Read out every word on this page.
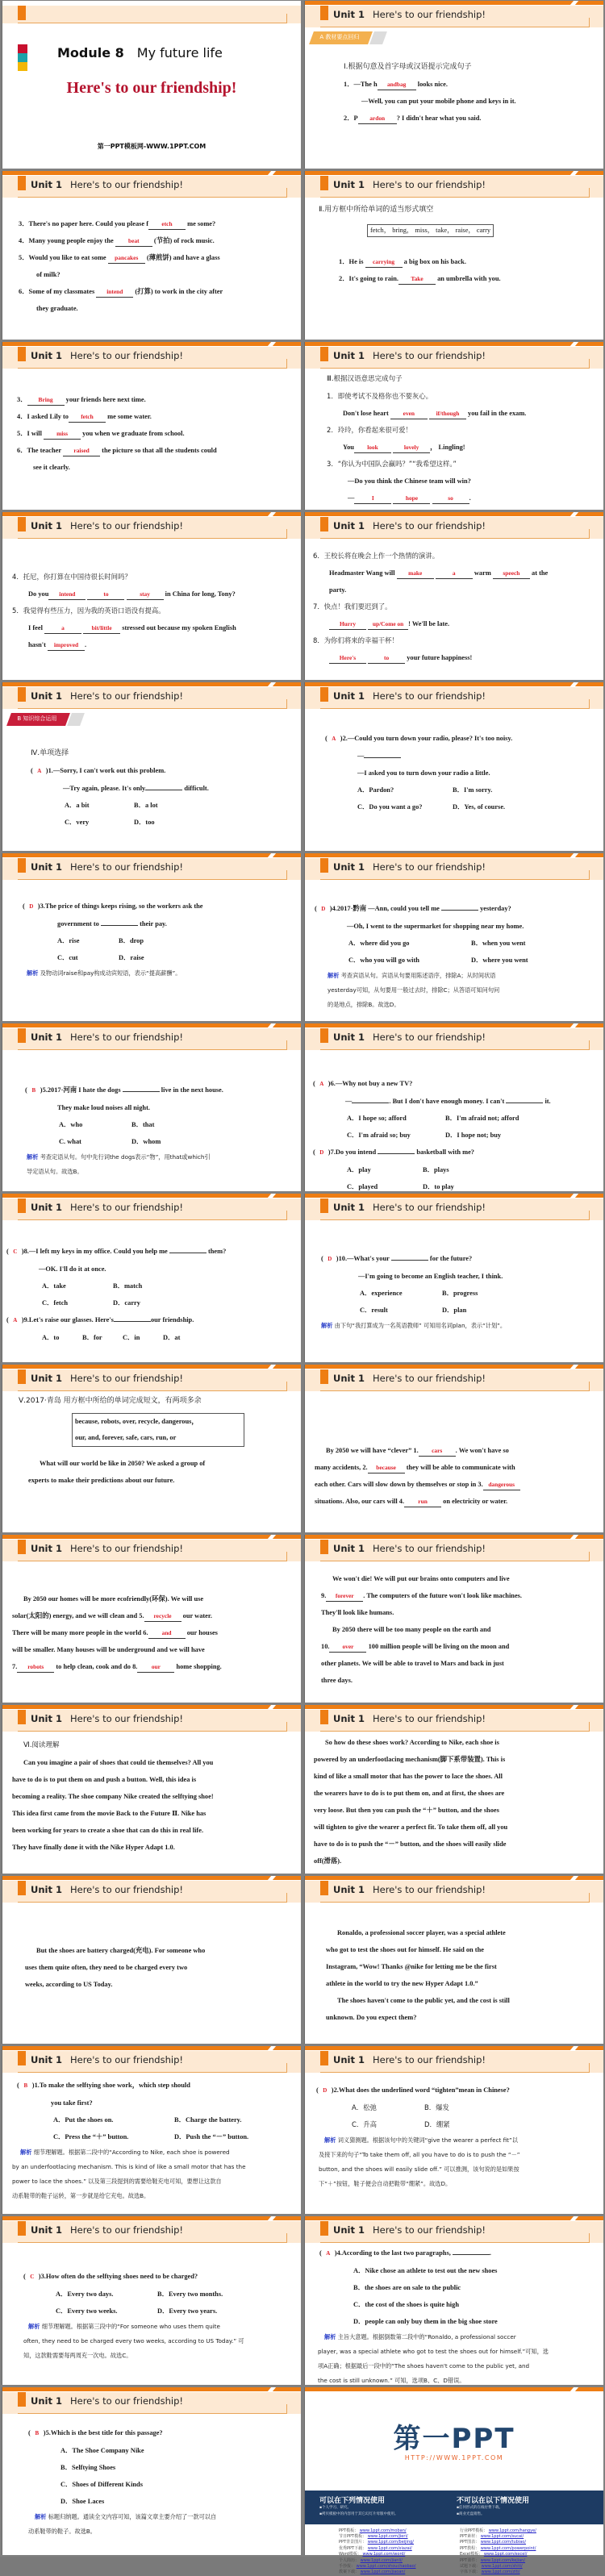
Module 8 My future life
Here's to our friendship!
第一PPT模板网-WWW.1PPT.COM
Unit 1 Here's to our friendship!
A 教材要点回归
Ⅰ.根据句意及首字母或汉语提示完成句子
1．—The h andbag looks nice.
—Well, you can put your mobile phone and keys in it.
2．P ardon ? I didn't hear what you said.
Unit 1 Here's to our friendship!
3．There's no paper here. Could you please f etch me some?
4．Many young people enjoy the beat (节拍) of rock music.
5．Would you like to eat some pancakes (薄煎饼) and have a glass
of milk?
6．Some of my classmates intend (打算) to work in the city after
they graduate.
Unit 1 Here's to our friendship!
Ⅱ.用方框中所给单词的适当形式填空
fetch， bring， miss， take， raise， carry
1．He is carrying a big box on his back.
2．It's going to rain. Take an umbrella with you.
Unit 1 Here's to our friendship!
3． Bring your friends here next time.
4．I asked Lily to fetch me some water.
5．I will miss you when we graduate from school.
6．The teacher raised the picture so that all the students could
see it clearly.
Unit 1 Here's to our friendship!
Ⅲ.根据汉语意思完成句子
1．即使考试不及格你也不要灰心。
Don't lose heart even	if/though you fail in the exam.
2．玲玲，你看起来很可爱！
You look	lovely ， Lingling!
3．“你认为中国队会赢吗？”“我希望这样。”
—Do you think the Chinese team will win?
—	I	hope	so .
Unit 1 Here's to our friendship!
4．托尼，你打算在中国待很长时间吗？
Do you intend	to	stay in China for long, Tony?
5．我觉得有些压力，因为我的英语口语没有提高。
I feel	a	bit/little stressed out because my spoken English
hasn't improved .
Unit 1 Here's to our friendship!
6．王校长将在晚会上作一个热情的演讲。
Headmaster Wang will make	a	warm speech at the
party.
7．快点！我们要迟到了。
Hurry	up/Come on ! We'll be late.
8．为你们将来的幸福干杯！
Here's	to your future happiness!
Unit 1 Here's to our friendship!
B 知识综合运用
Ⅳ.单项选择
( A )1.—Sorry, I can't work out this problem.
—Try again, please. It's only	difficult.
A．a bit	B．a lot
C．very	D．too
Unit 1 Here's to our friendship!
( A )2.—Could you turn down your radio, please? It's too noisy.
—
—I asked you to turn down your radio a little.
A．Pardon?	B．I'm sorry.
C．Do you want a go?	D．Yes, of course.
Unit 1 Here's to our friendship!
( D )3.The price of things keeps rising, so the workers ask the
government to	their pay.
A．rise	B．drop
C．cut	D．raise
解析 及物动词raise和pay构成动宾短语，表示“提高薪酬”。
Unit 1 Here's to our friendship!
( D )4.2017·黔南 —Ann, could you tell me	yesterday?
—Oh, I went to the supermarket for shopping near my home.
A．where did you go	B．when you went
C．who you will go with	D．where you went
解析 考查宾语从句。宾语从句要用陈述语序，排除A；从时间状语
yesterday可知，从句要用一般过去时，排除C；从答语可知问句问
的是地点，排除B。故选D。
Unit 1 Here's to our friendship!
( B )5.2017·河南 I hate the dogs	live in the next house.
They make loud noises all night.
A．who	B．that
C. what	D．whom
解析 考查定语从句。句中先行词the dogs表示“物”，用that或which引
导定语从句。故选B。
Unit 1 Here's to our friendship!
( A )6.—Why not buy a new TV?
—	. But I don't have enough money. I can't	it.
A．I hope so; afford	B．I'm afraid not; afford
C．I'm afraid so; buy	D．I hope not; buy
( D )7.Do you intend	basketball with me?
A．play	B．plays
C．played	D．to play
Unit 1 Here's to our friendship!
( C )8.—I left my keys in my office. Could you help me	them?
—OK. I'll do it at once.
A．take	B．match
C．fetch	D．carry
( A )9.Let's raise our glasses. Here's	our friendship.
A．to	B．for	C．in	D．at
Unit 1 Here's to our friendship!
( D )10.—What's your	for the future?
—I'm going to become an English teacher, I think.
A．experience	B．progress
C．result	D．plan
解析 由下句“我打算成为一名英语教师” 可知用名词plan，表示“计划”。
Unit 1 Here's to our friendship!
Ⅴ.2017·青岛 用方框中所给的单词完成短文，有两项多余
because, robots, over, recycle, dangerous，
our, and, forever, safe, cars, run, or
What will our world be like in 2050? We asked a group of
experts to make their predictions about our future.
Unit 1 Here's to our friendship!
By 2050 we will have “clever” 1. cars . We won't have so
many accidents, 2. because they will be able to communicate with
each other. Cars will slow down by themselves or stop in 3. dangerous
situations. Also, our cars will 4. run on electricity or water.
Unit 1 Here's to our friendship!
By 2050 our homes will be more ecofriendly(环保). We will use
solar(太阳的) energy, and we will clean and 5. recycle our water.
There will be many more people in the world 6. and our houses
will be smaller. Many houses will be underground and we will have
7. robots to help clean, cook and do 8. our home shopping.
Unit 1 Here's to our friendship!
We won't die! We will put our brains onto computers and live
9. forever . The computers of the future won't look like machines.
They'll look like humans.
By 2050 there will be too many people on the earth and
10. over 100 million people will be living on the moon and
other planets. We will be able to travel to Mars and back in just
three days.
Unit 1 Here's to our friendship!
Ⅵ.阅读理解
Can you imagine a pair of shoes that could tie themselves? All you
have to do is to put them on and push a button. Well, this idea is
becoming a reality. The shoe company Nike created the selftying shoe!
This idea first came from the movie Back to the Future Ⅱ. Nike has
been working for years to create a shoe that can do this in real life.
They have finally done it with the Nike Hyper Adapt 1.0.
Unit 1 Here's to our friendship!
So how do these shoes work? According to Nike, each shoe is
powered by an underfootlacing mechanism(脚下系带装置). This is
kind of like a small motor that has the power to lace the shoes. All
the wearers have to do is to put them on, and at first, the shoes are
very loose. But then you can push the “＋” button, and the shoes
will tighten to give the wearer a perfect fit. To take them off, all you
have to do is to push the “－” button, and the shoes will easily slide
off(滑落).
Unit 1 Here's to our friendship!
But the shoes are battery charged(充电). For someone who
uses them quite often, they need to be charged every two
weeks, according to US Today.
Unit 1 Here's to our friendship!
Ronaldo, a professional soccer player, was a special athlete
who got to test the shoes out for himself. He said on the
Instagram, “Wow! Thanks @nike for letting me be the first
athlete in the world to try the new Hyper Adapt 1.0.”
The shoes haven't come to the public yet, and the cost is still
unknown. Do you expect them?
Unit 1 Here's to our friendship!
( B )1.To make the selftying shoe work，which step should
you take first?
A．Put the shoes on.	B．Charge the battery.
C．Press the “＋” button.	D．Push the “－” button.
解析 细节理解题。根据第二段中的“According to Nike, each shoe is powered
by an underfootlacing mechanism. This is kind of like a small motor that has the
power to lace the shoes.” 以及第三段提到的需要给鞋充电可知，要想让这款自
动系鞋带的鞋子运转，第一步就是给它充电。故选B。
Unit 1 Here's to our friendship!
( D )2.What does the underlined word “tighten”mean in Chinese?
A．松弛	B．爆发
C．升高	D．绷紧
解析 词义猜测题。根据该句中的关键词“give the wearer a perfect fit”以
及接下来的句子“To take them off, all you have to do is to push the “－”
button, and the shoes will easily slide off.” 可以推测，该句说的是如果按
下“＋”按钮，鞋子便会自动把鞋带“绷紧”。故选D。
Unit 1 Here's to our friendship!
( C )3.How often do the selftying shoes need to be charged?
A．Every two days.	B．Every two months.
C．Every two weeks.	D．Every two years.
解析 细节理解题。根据第三段中的“For someone who uses them quite
often, they need to be charged every two weeks, according to US Today.” 可
知，这款鞋需要每两周充一次电。故选C。
Unit 1 Here's to our friendship!
( A )4.According to the last two paragraphs,	.
A．Nike chose an athlete to test out the new shoes
B．the shoes are on sale to the public
C．the cost of the shoes is quite high
D．people can only buy them in the big shoe store
解析 主旨大意题。根据倒数第二段中的“Ronaldo, a professional soccer
player, was a special athlete who got to test the shoes out for himself.”可知，选
项A正确；根据最后一段中的“The shoes haven't come to the public yet, and
the cost is still unknown.” 可知，选项B、C、D错误。
Unit 1 Here's to our friendship!
( B )5.Which is the best title for this passage?
A．The Shoe Company Nike
B．Selftying Shoes
C．Shoes of Different Kinds
D．Shoe Laces
解析 标题归纳题。通读全文内容可知，该篇文章主要介绍了一款可以自
动系鞋带的鞋子。故选B。
第一PPT
HTTP://WWW.1PPT.COM
可以在下列情况使用

▪个人学习、研究。

▪拷贝模板中的内容用于其它幻灯片母版中使用。

不可以在以下情况使用

▪任何形式的在线付费下载。

▪商业光盘销售。

PPT模板： www.1ppt.com/moban/
节日PPT模板： www.1ppt.com/jieri/
PPT背景图片： www.1ppt.com/beijing/
优秀PPT下载： www.1ppt.com/xiazai/
Word模板： www.1ppt.com/word/
个人简历： www.1ppt.com/jianli/
手抄报： www.1ppt.com/shouchaobao/
教案下载： www.1ppt.com/jiaoan/
行业PPT模板： www.1ppt.com/hangye/
PPT素材： www.1ppt.com/sucai/
PPT图表： www.1ppt.com/tubiao/
PPT教程： www.1ppt.com/powerpoint/
Excel模板： www.1ppt.com/excel/
PPT课件： www.1ppt.com/kejian/
试题下载： www.1ppt.com/shiti/
字体下载： www.1ppt.com/ziti/
